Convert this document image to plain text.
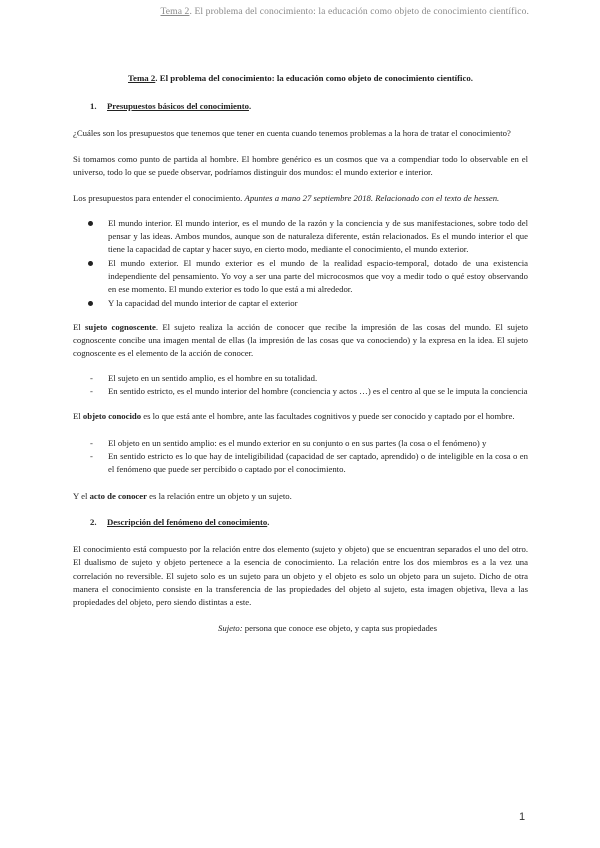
Tema 2. El problema del conocimiento: la educación como objeto de conocimiento científico.

Tema 2. El problema del conocimiento: la educación como objeto de conocimiento científico.

1. Presupuestos básicos del conocimiento.

¿Cuáles son los presupuestos que tenemos que tener en cuenta cuando tenemos problemas a la hora de tratar el conocimiento?

Si tomamos como punto de partida al hombre. El hombre genérico es un cosmos que va a compendiar todo lo observable en el universo, todo lo que se puede observar, podríamos distinguir dos mundos: el mundo exterior e interior.

Los presupuestos para entender el conocimiento. Apuntes a mano 27 septiembre 2018. Relacionado con el texto de hessen.

El mundo interior. El mundo interior, es el mundo de la razón y la conciencia y de sus manifestaciones, sobre todo del pensar y las ideas. Ambos mundos, aunque son de naturaleza diferente, están relacionados. Es el mundo interior el que tiene la capacidad de captar y hacer suyo, en cierto modo, mediante el conocimiento, el mundo exterior.
El mundo exterior. El mundo exterior es el mundo de la realidad espacio-temporal, dotado de una existencia independiente del pensamiento. Yo voy a ser una parte del microcosmos que voy a medir todo o qué estoy observando en ese momento. El mundo exterior es todo lo que está a mi alrededor.
Y la capacidad del mundo interior de captar el exterior

El sujeto cognoscente. El sujeto realiza la acción de conocer que recibe la impresión de las cosas del mundo. El sujeto cognoscente concibe una imagen mental de ellas (la impresión de las cosas que va conociendo) y la expresa en la idea. El sujeto cognoscente es el elemento de la acción de conocer.

- El sujeto en un sentido amplio, es el hombre en su totalidad.
- En sentido estricto, es el mundo interior del hombre (conciencia y actos …) es el centro al que se le imputa la conciencia

El objeto conocido es lo que está ante el hombre, ante las facultades cognitivos y puede ser conocido y captado por el hombre.

- El objeto en un sentido amplio: es el mundo exterior en su conjunto o en sus partes (la cosa o el fenómeno) y
- En sentido estricto es lo que hay de inteligibilidad (capacidad de ser captado, aprendido) o de inteligible en la cosa o en el fenómeno que puede ser percibido o captado por el conocimiento.

Y el acto de conocer es la relación entre un objeto y un sujeto.

2. Descripción del fenómeno del conocimiento.

El conocimiento está compuesto por la relación entre dos elemento (sujeto y objeto) que se encuentran separados el uno del otro. El dualismo de sujeto y objeto pertenece a la esencia de conocimiento. La relación entre los dos miembros es a la vez una correlación no reversible. El sujeto solo es un sujeto para un objeto y el objeto es solo un objeto para un sujeto. Dicho de otra manera el conocimiento consiste en la transferencia de las propiedades del objeto al sujeto, esta imagen objetiva, lleva a las propiedades del objeto, pero siendo distintas a este.

Sujeto: persona que conoce ese objeto, y capta sus propiedades

1
